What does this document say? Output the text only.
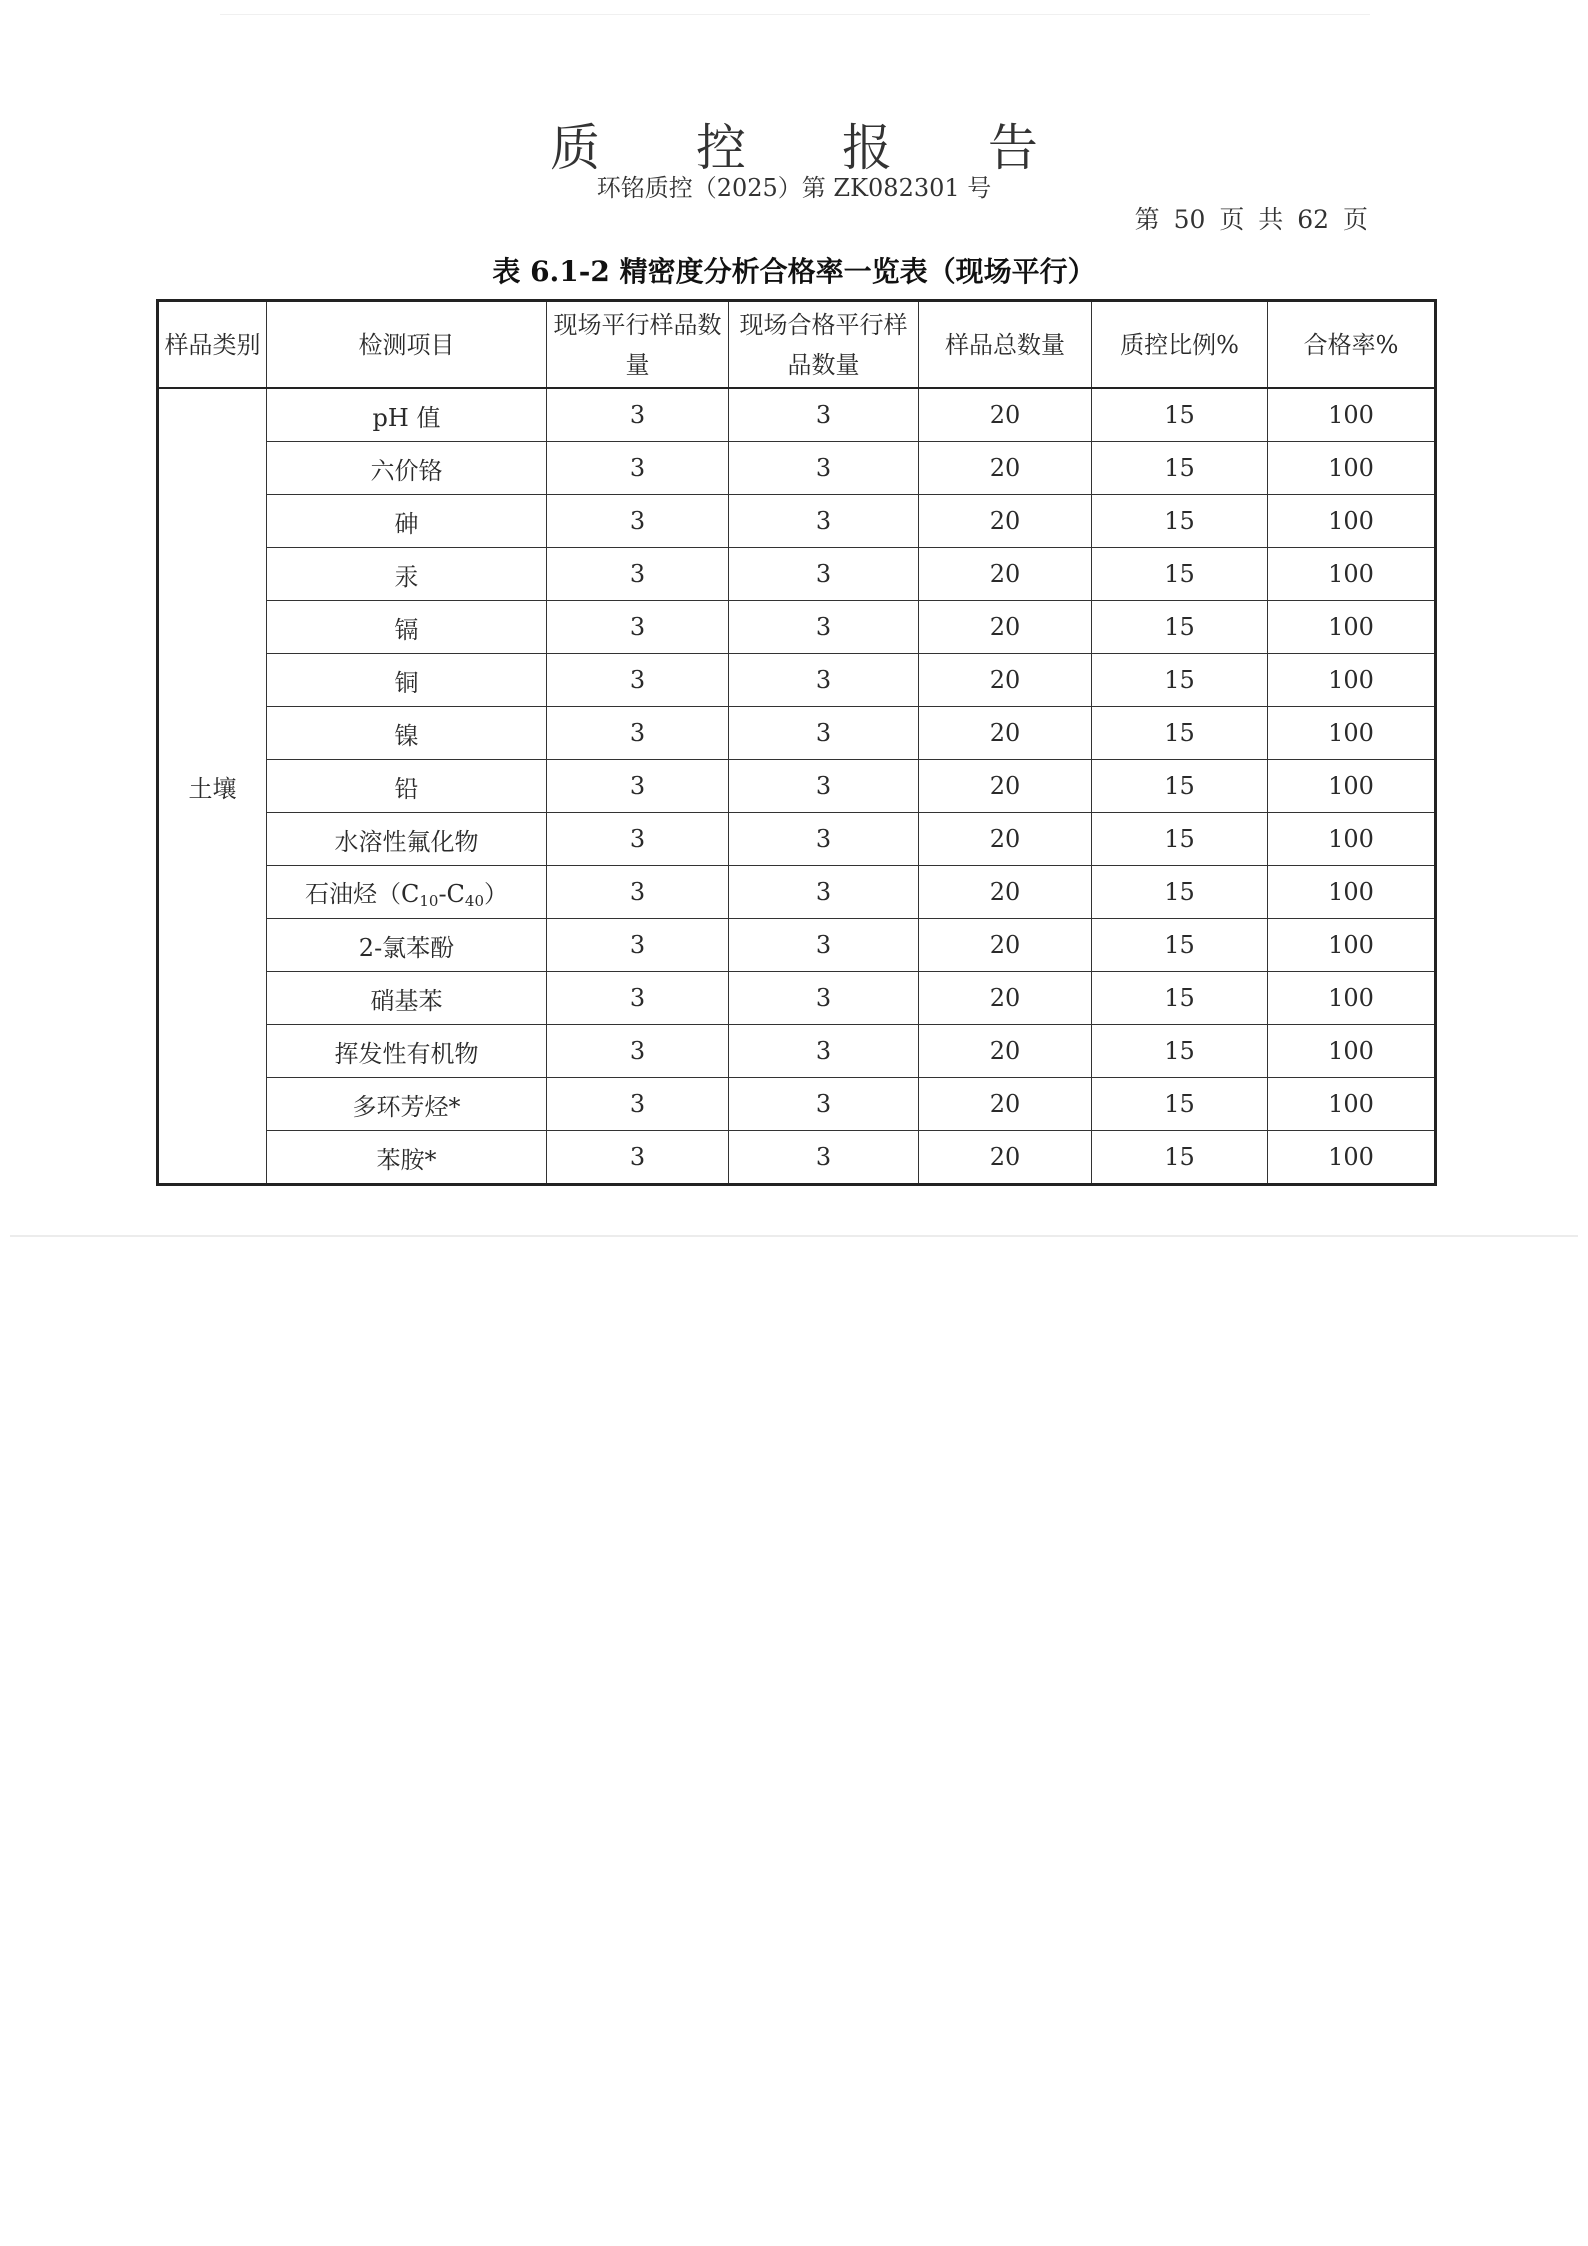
质 控 报 告
环铭质控（2025）第 ZK082301 号
第 50 页 共 62 页
表 6.1-2 精密度分析合格率一览表（现场平行）
样品类别	检测项目	现场平行样品数量	现场合格平行样品数量	样品总数量	质控比例%	合格率%
土壤	pH 值	3	3	20	15	100
	六价铬	3	3	20	15	100
	砷	3	3	20	15	100
	汞	3	3	20	15	100
	镉	3	3	20	15	100
	铜	3	3	20	15	100
	镍	3	3	20	15	100
	铅	3	3	20	15	100
	水溶性氟化物	3	3	20	15	100
	石油烃$(C_{10}-C_{40})$	3	3	20	15	100
	2-氯苯酚	3	3	20	15	100
	硝基苯	3	3	20	15	100
	挥发性有机物	3	3	20	15	100
	多环芳烃*	3	3	20	15	100
	苯胺*	3	3	20	15	100
